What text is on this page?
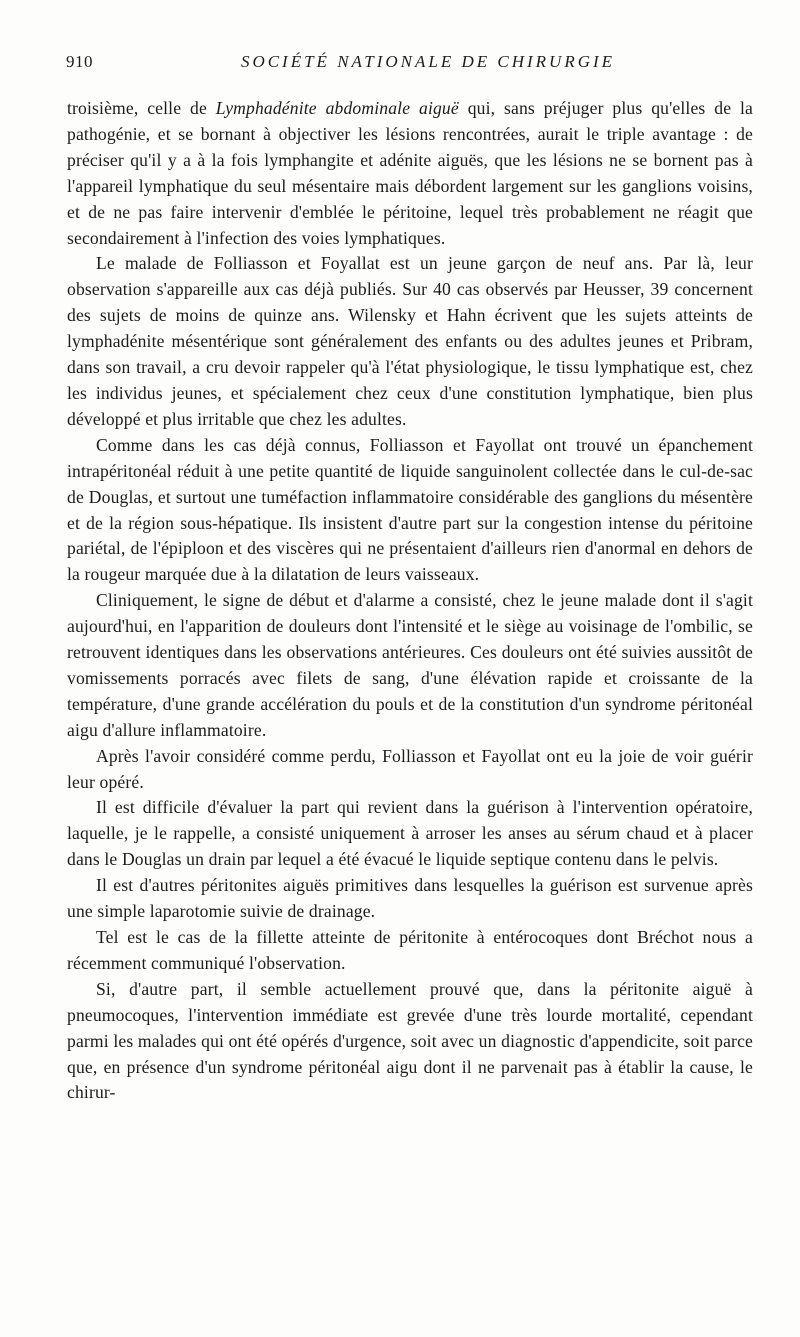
910	SOCIÉTÉ NATIONALE DE CHIRURGIE

troisième, celle de Lymphadénite abdominale aiguë qui, sans préjuger plus qu'elles de la pathogénie, et se bornant à objectiver les lésions rencontrées, aurait le triple avantage : de préciser qu'il y a à la fois lymphangite et adénite aiguës, que les lésions ne se bornent pas à l'appareil lymphatique du seul mésentaire mais débordent largement sur les ganglions voisins, et de ne pas faire intervenir d'emblée le péritoine, lequel très probablement ne réagit que secondairement à l'infection des voies lymphatiques.

Le malade de Folliasson et Foyallat est un jeune garçon de neuf ans. Par là, leur observation s'appareille aux cas déjà publiés. Sur 40 cas observés par Heusser, 39 concernent des sujets de moins de quinze ans. Wilensky et Hahn écrivent que les sujets atteints de lymphadénite mésentérique sont généralement des enfants ou des adultes jeunes et Pribram, dans son travail, a cru devoir rappeler qu'à l'état physiologique, le tissu lymphatique est, chez les individus jeunes, et spécialement chez ceux d'une constitution lymphatique, bien plus développé et plus irritable que chez les adultes.

Comme dans les cas déjà connus, Folliasson et Fayollat ont trouvé un épanchement intrapéritonéal réduit à une petite quantité de liquide sanguinolent collectée dans le cul-de-sac de Douglas, et surtout une tuméfaction inflammatoire considérable des ganglions du mésentère et de la région sous-hépatique. Ils insistent d'autre part sur la congestion intense du péritoine pariétal, de l'épiploon et des viscères qui ne présentaient d'ailleurs rien d'anormal en dehors de la rougeur marquée due à la dilatation de leurs vaisseaux.

Cliniquement, le signe de début et d'alarme a consisté, chez le jeune malade dont il s'agit aujourd'hui, en l'apparition de douleurs dont l'intensité et le siège au voisinage de l'ombilic, se retrouvent identiques dans les observations antérieures. Ces douleurs ont été suivies aussitôt de vomissements porracés avec filets de sang, d'une élévation rapide et croissante de la température, d'une grande accélération du pouls et de la constitution d'un syndrome péritonéal aigu d'allure inflammatoire.

Après l'avoir considéré comme perdu, Folliasson et Fayollat ont eu la joie de voir guérir leur opéré.

Il est difficile d'évaluer la part qui revient dans la guérison à l'intervention opératoire, laquelle, je le rappelle, a consisté uniquement à arroser les anses au sérum chaud et à placer dans le Douglas un drain par lequel a été évacué le liquide septique contenu dans le pelvis.

Il est d'autres péritonites aiguës primitives dans lesquelles la guérison est survenue après une simple laparotomie suivie de drainage.

Tel est le cas de la fillette atteinte de péritonite à entérocoques dont Bréchot nous a récemment communiqué l'observation.

Si, d'autre part, il semble actuellement prouvé que, dans la péritonite aiguë à pneumocoques, l'intervention immédiate est grevée d'une très lourde mortalité, cependant parmi les malades qui ont été opérés d'urgence, soit avec un diagnostic d'appendicite, soit parce que, en présence d'un syndrome péritonéal aigu dont il ne parvenait pas à établir la cause, le chirur-
